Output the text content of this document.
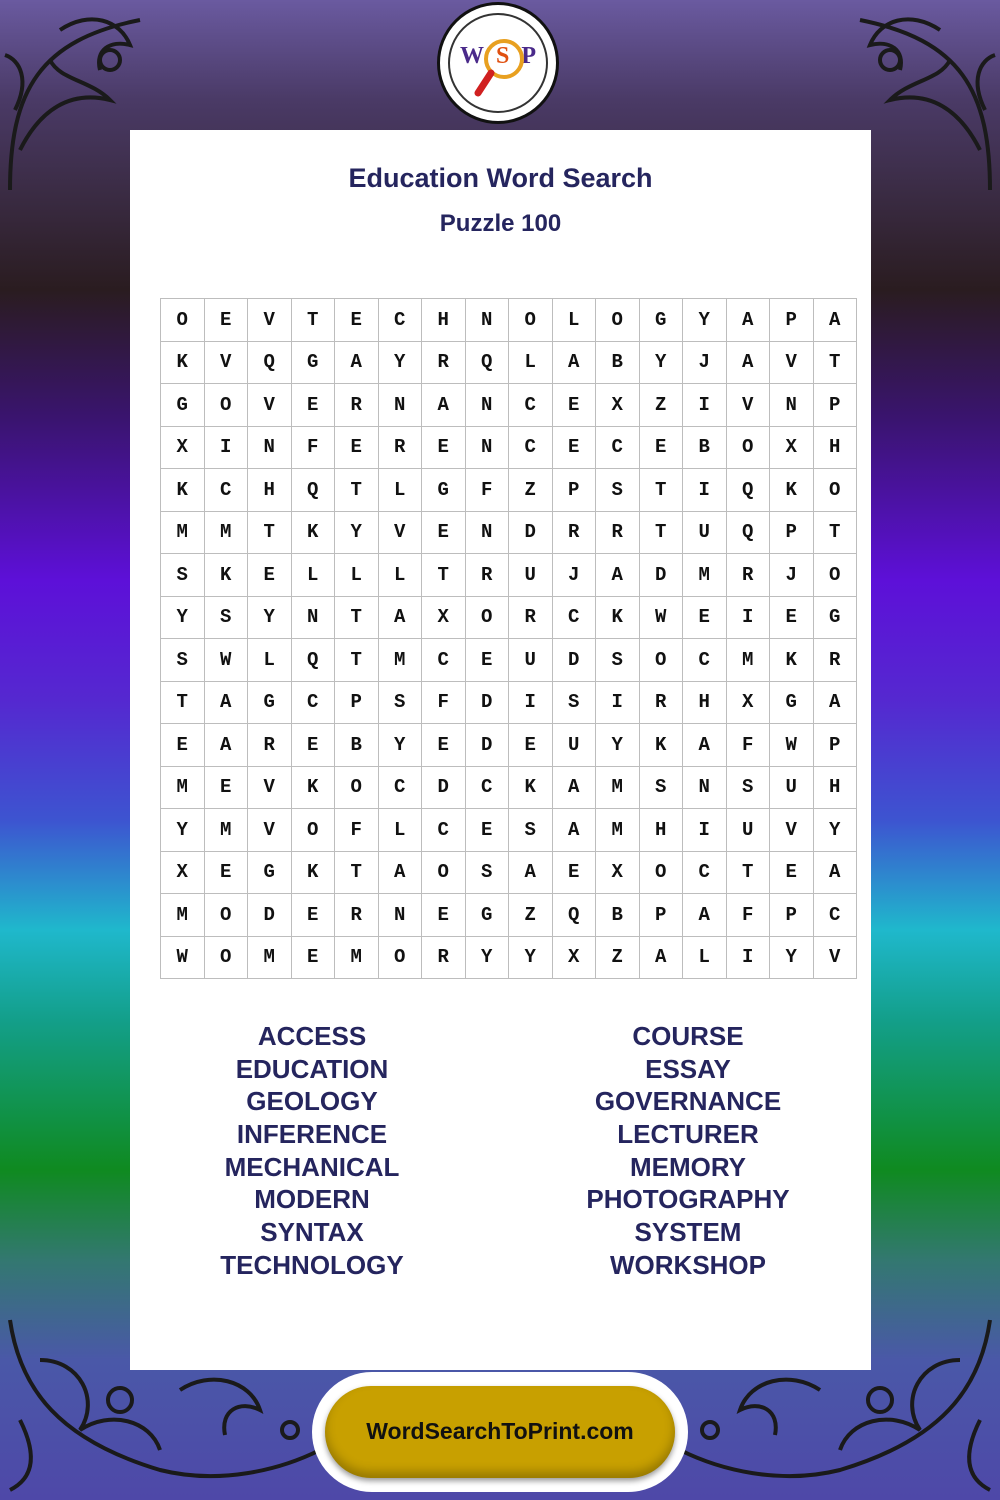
W S P
Education Word Search
Puzzle 100
O	E	V	T	E	C	H	N	O	L	O	G	Y	A	P	A
K	V	Q	G	A	Y	R	Q	L	A	B	Y	J	A	V	T
G	O	V	E	R	N	A	N	C	E	X	Z	I	V	N	P
X	I	N	F	E	R	E	N	C	E	C	E	B	O	X	H
K	C	H	Q	T	L	G	F	Z	P	S	T	I	Q	K	O
M	M	T	K	Y	V	E	N	D	R	R	T	U	Q	P	T
S	K	E	L	L	L	T	R	U	J	A	D	M	R	J	O
Y	S	Y	N	T	A	X	O	R	C	K	W	E	I	E	G
S	W	L	Q	T	M	C	E	U	D	S	O	C	M	K	R
T	A	G	C	P	S	F	D	I	S	I	R	H	X	G	A
E	A	R	E	B	Y	E	D	E	U	Y	K	A	F	W	P
M	E	V	K	O	C	D	C	K	A	M	S	N	S	U	H
Y	M	V	O	F	L	C	E	S	A	M	H	I	U	V	Y
X	E	G	K	T	A	O	S	A	E	X	O	C	T	E	A
M	O	D	E	R	N	E	G	Z	Q	B	P	A	F	P	C
W	O	M	E	M	O	R	Y	Y	X	Z	A	L	I	Y	V
ACCESS
EDUCATION
GEOLOGY
INFERENCE
MECHANICAL
MODERN
SYNTAX
TECHNOLOGY
COURSE
ESSAY
GOVERNANCE
LECTURER
MEMORY
PHOTOGRAPHY
SYSTEM
WORKSHOP
WordSearchToPrint.com
